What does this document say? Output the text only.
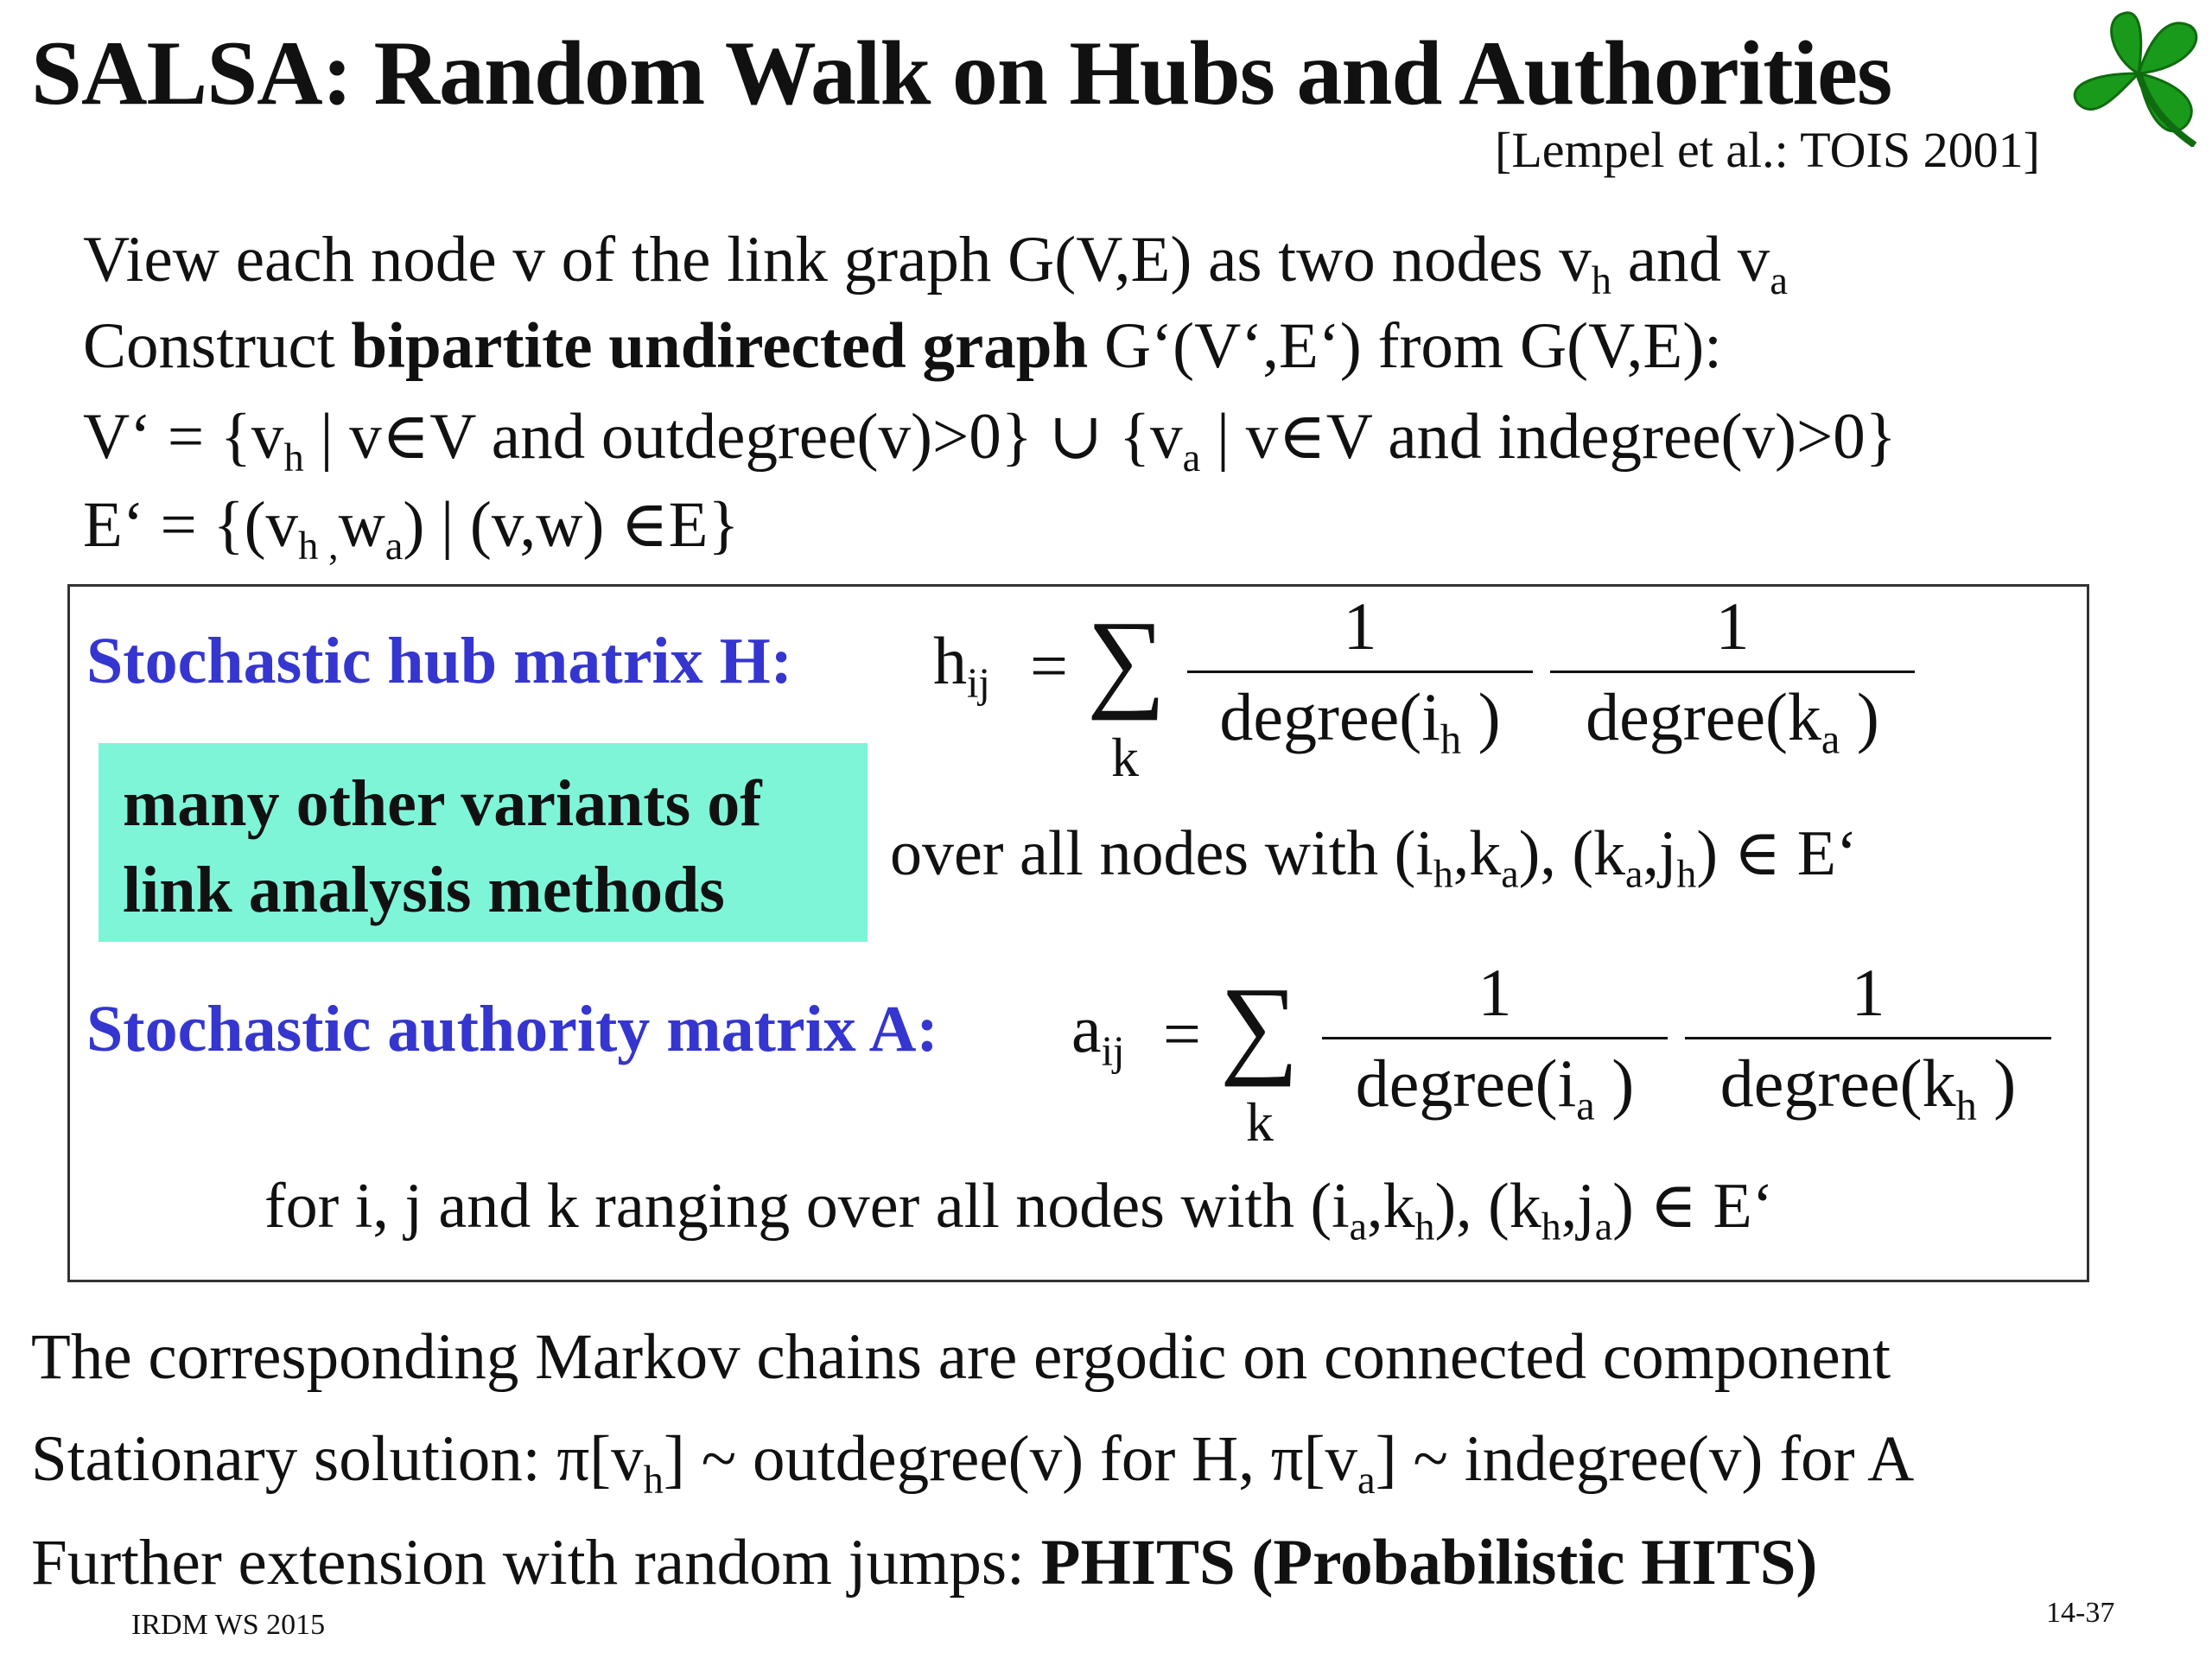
SALSA: Random Walk on Hubs and Authorities
[Lempel et al.: TOIS 2001]
View each node v of the link graph G(V,E) as two nodes $v_h$ and $v_a$
Construct bipartite undirected graph G‘(V‘,E‘) from G(V,E):
V‘ = {$v_h$ | v∈V and outdegree(v)>0} ∪ {$v_a$ | v∈V and indegree(v)>0}
E‘ = {$(v_{h ,}w_a)$ | (v,w) ∈E}
Stochastic hub matrix H: $h_{ij}$ = ∑
k
1
$degree(i_h$ )
1
$degree(k_a$ )
many other variants of
link analysis methods	over all nodes with $(i_h,k_a)$, $(k_a,j_h)$ ∈ E‘
Stochastic authority matrix A: $a_{ij}$ = ∑
k
1
$degree(i_a$ )
1
$degree(k_h$ )
for i, j and k ranging over all nodes with $(i_a,k_h)$, $(k_h,j_a)$ ∈ E‘
The corresponding Markov chains are ergodic on connected component
Stationary solution: $\pi[v_h]$ ~ outdegree(v) for H, $\pi[v_a]$ ~ indegree(v) for A
Further extension with random jumps: PHITS (Probabilistic HITS)
IRDM WS 2015	14-37
